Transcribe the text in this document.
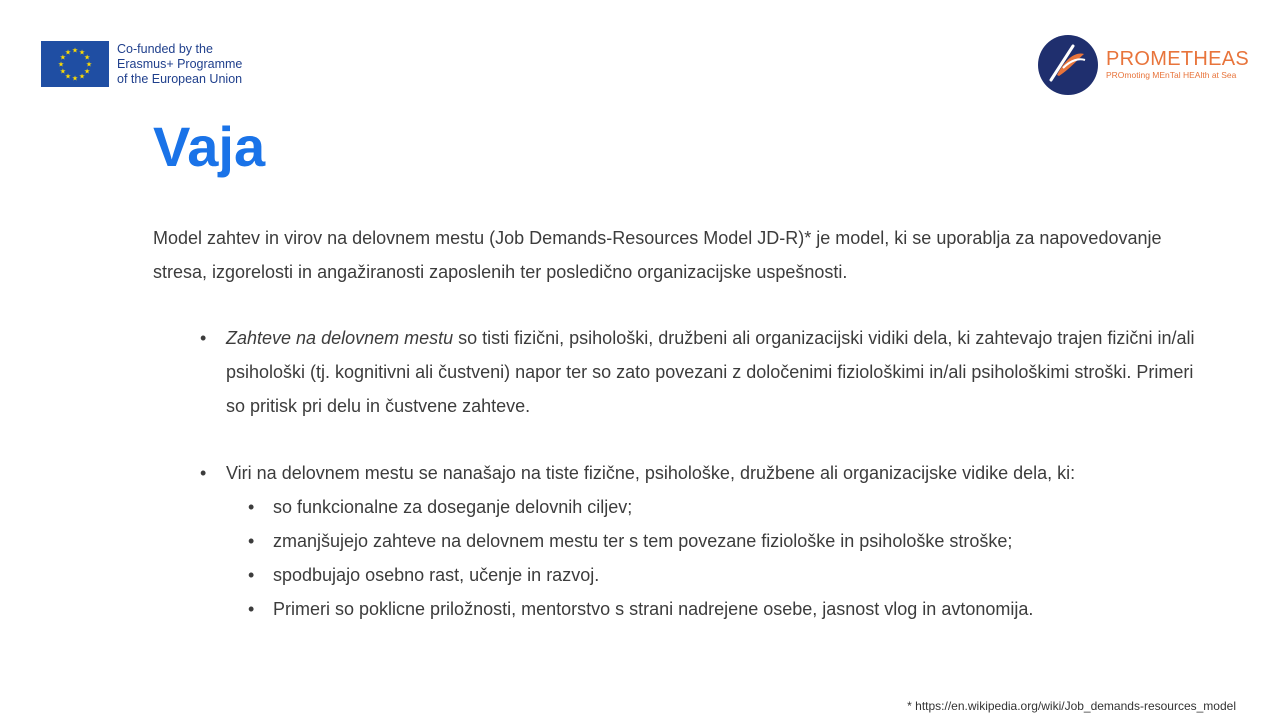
★ ★
★
★
★
★
★
★
★
★
★
★	Co-funded by the
Erasmus+ Programme
of the European Union
PROMETHEAS
PROmoting MEnTal HEAlth at Sea
Vaja

Model zahtev in virov na delovnem mestu (Job Demands-Resources Model JD-R)* je model, ki se uporablja za napovedovanje stresa, izgorelosti in angažiranosti zaposlenih ter posledično organizacijske uspešnosti.

• Zahteve na delovnem mestu so tisti fizični, psihološki, družbeni ali organizacijski vidiki dela, ki zahtevajo trajen fizični in/ali psihološki (tj. kognitivni ali čustveni) napor ter so zato povezani z določenimi fiziološkimi in/ali psihološkimi stroški. Primeri so pritisk pri delu in čustvene zahteve.
• Viri na delovnem mestu se nanašajo na tiste fizične, psihološke, družbene ali organizacijske vidike dela, ki:
• so funkcionalne za doseganje delovnih ciljev;
• zmanjšujejo zahteve na delovnem mestu ter s tem povezane fiziološke in psihološke stroške;
• spodbujajo osebno rast, učenje in razvoj.
• Primeri so poklicne priložnosti, mentorstvo s strani nadrejene osebe, jasnost vlog in avtonomija.
* https://en.wikipedia.org/wiki/Job_demands-resources_model
